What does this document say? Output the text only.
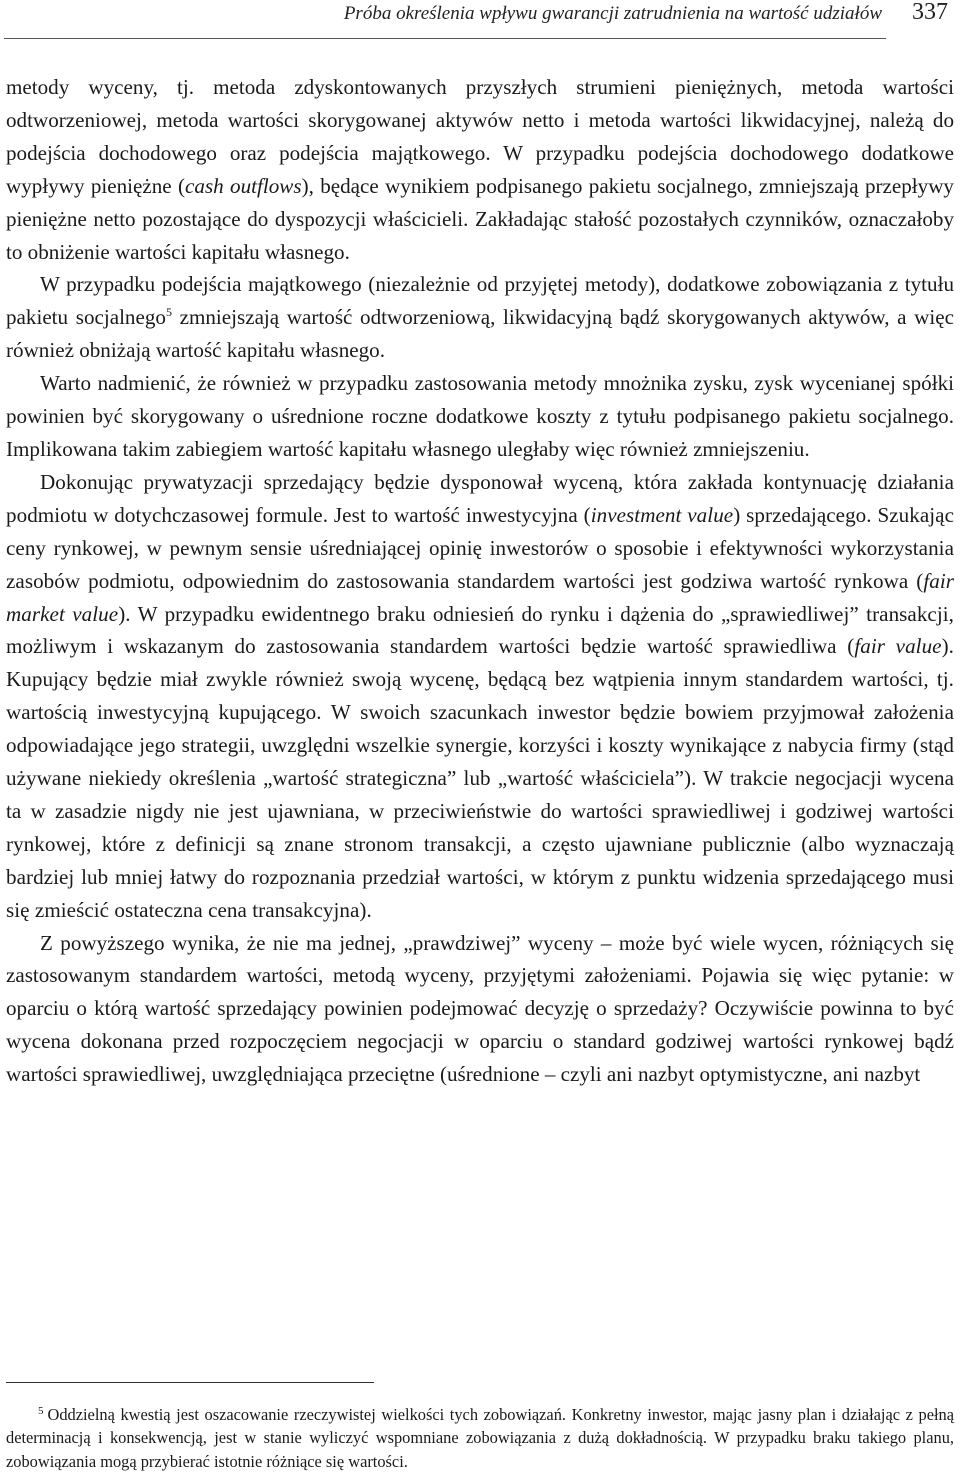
Próba określenia wpływu gwarancji zatrudnienia na wartość udziałów 337

metody wyceny, tj. metoda zdyskontowanych przyszłych strumieni pieniężnych, metoda wartości odtworzeniowej, metoda wartości skorygowanej aktywów netto i metoda wartości likwidacyjnej, należą do podejścia dochodowego oraz podejścia majątkowego. W przypadku podejścia dochodowego dodatkowe wypływy pieniężne (cash outflows), będące wynikiem podpisanego pakietu socjalnego, zmniejszają przepływy pieniężne netto pozostające do dyspozycji właścicieli. Zakładając stałość pozostałych czynników, oznaczałoby to obniżenie wartości kapitału własnego.

W przypadku podejścia majątkowego (niezależnie od przyjętej metody), dodatkowe zobowiązania z tytułu pakietu socjalnego$^5$ zmniejszają wartość odtworzeniową, likwidacyjną bądź skorygowanych aktywów, a więc również obniżają wartość kapitału własnego.

Warto nadmienić, że również w przypadku zastosowania metody mnożnika zysku, zysk wycenianej spółki powinien być skorygowany o uśrednione roczne dodatkowe koszty z tytułu podpisanego pakietu socjalnego. Implikowana takim zabiegiem wartość kapitału własnego uległaby więc również zmniejszeniu.

Dokonując prywatyzacji sprzedający będzie dysponował wyceną, która zakłada kontynuację działania podmiotu w dotychczasowej formule. Jest to wartość inwestycyjna (investment value) sprzedającego. Szukając ceny rynkowej, w pewnym sensie uśredniającej opinię inwestorów o sposobie i efektywności wykorzystania zasobów podmiotu, odpowiednim do zastosowania standardem wartości jest godziwa wartość rynkowa (fair market value). W przypadku ewidentnego braku odniesień do rynku i dążenia do „sprawiedliwej” transakcji, możliwym i wskazanym do zastosowania standardem wartości będzie wartość sprawiedliwa (fair value). Kupujący będzie miał zwykle również swoją wycenę, będącą bez wątpienia innym standardem wartości, tj. wartością inwestycyjną kupującego. W swoich szacunkach inwestor będzie bowiem przyjmował założenia odpowiadające jego strategii, uwzględni wszelkie synergie, korzyści i koszty wynikające z nabycia firmy (stąd używane niekiedy określenia „wartość strategiczna” lub „wartość właściciela”). W trakcie negocjacji wycena ta w zasadzie nigdy nie jest ujawniana, w przeciwieństwie do wartości sprawiedliwej i godziwej wartości rynkowej, które z definicji są znane stronom transakcji, a często ujawniane publicznie (albo wyznaczają bardziej lub mniej łatwy do rozpoznania przedział wartości, w którym z punktu widzenia sprzedającego musi się zmieścić ostateczna cena transakcyjna).

Z powyższego wynika, że nie ma jednej, „prawdziwej” wyceny – może być wiele wycen, różniących się zastosowanym standardem wartości, metodą wyceny, przyjętymi założeniami. Pojawia się więc pytanie: w oparciu o którą wartość sprzedający powinien podejmować decyzję o sprzedaży? Oczywiście powinna to być wycena dokonana przed rozpoczęciem negocjacji w oparciu o standard godziwej wartości rynkowej bądź wartości sprawiedliwej, uwzględniająca przeciętne (uśrednione – czyli ani nazbyt optymistyczne, ani nazbyt

$^5$ Oddzielną kwestią jest oszacowanie rzeczywistej wielkości tych zobowiązań. Konkretny inwestor, mając jasny plan i działając z pełną determinacją i konsekwencją, jest w stanie wyliczyć wspomniane zobowiązania z dużą dokładnością. W przypadku braku takiego planu, zobowiązania mogą przybierać istotnie różniące się wartości.
